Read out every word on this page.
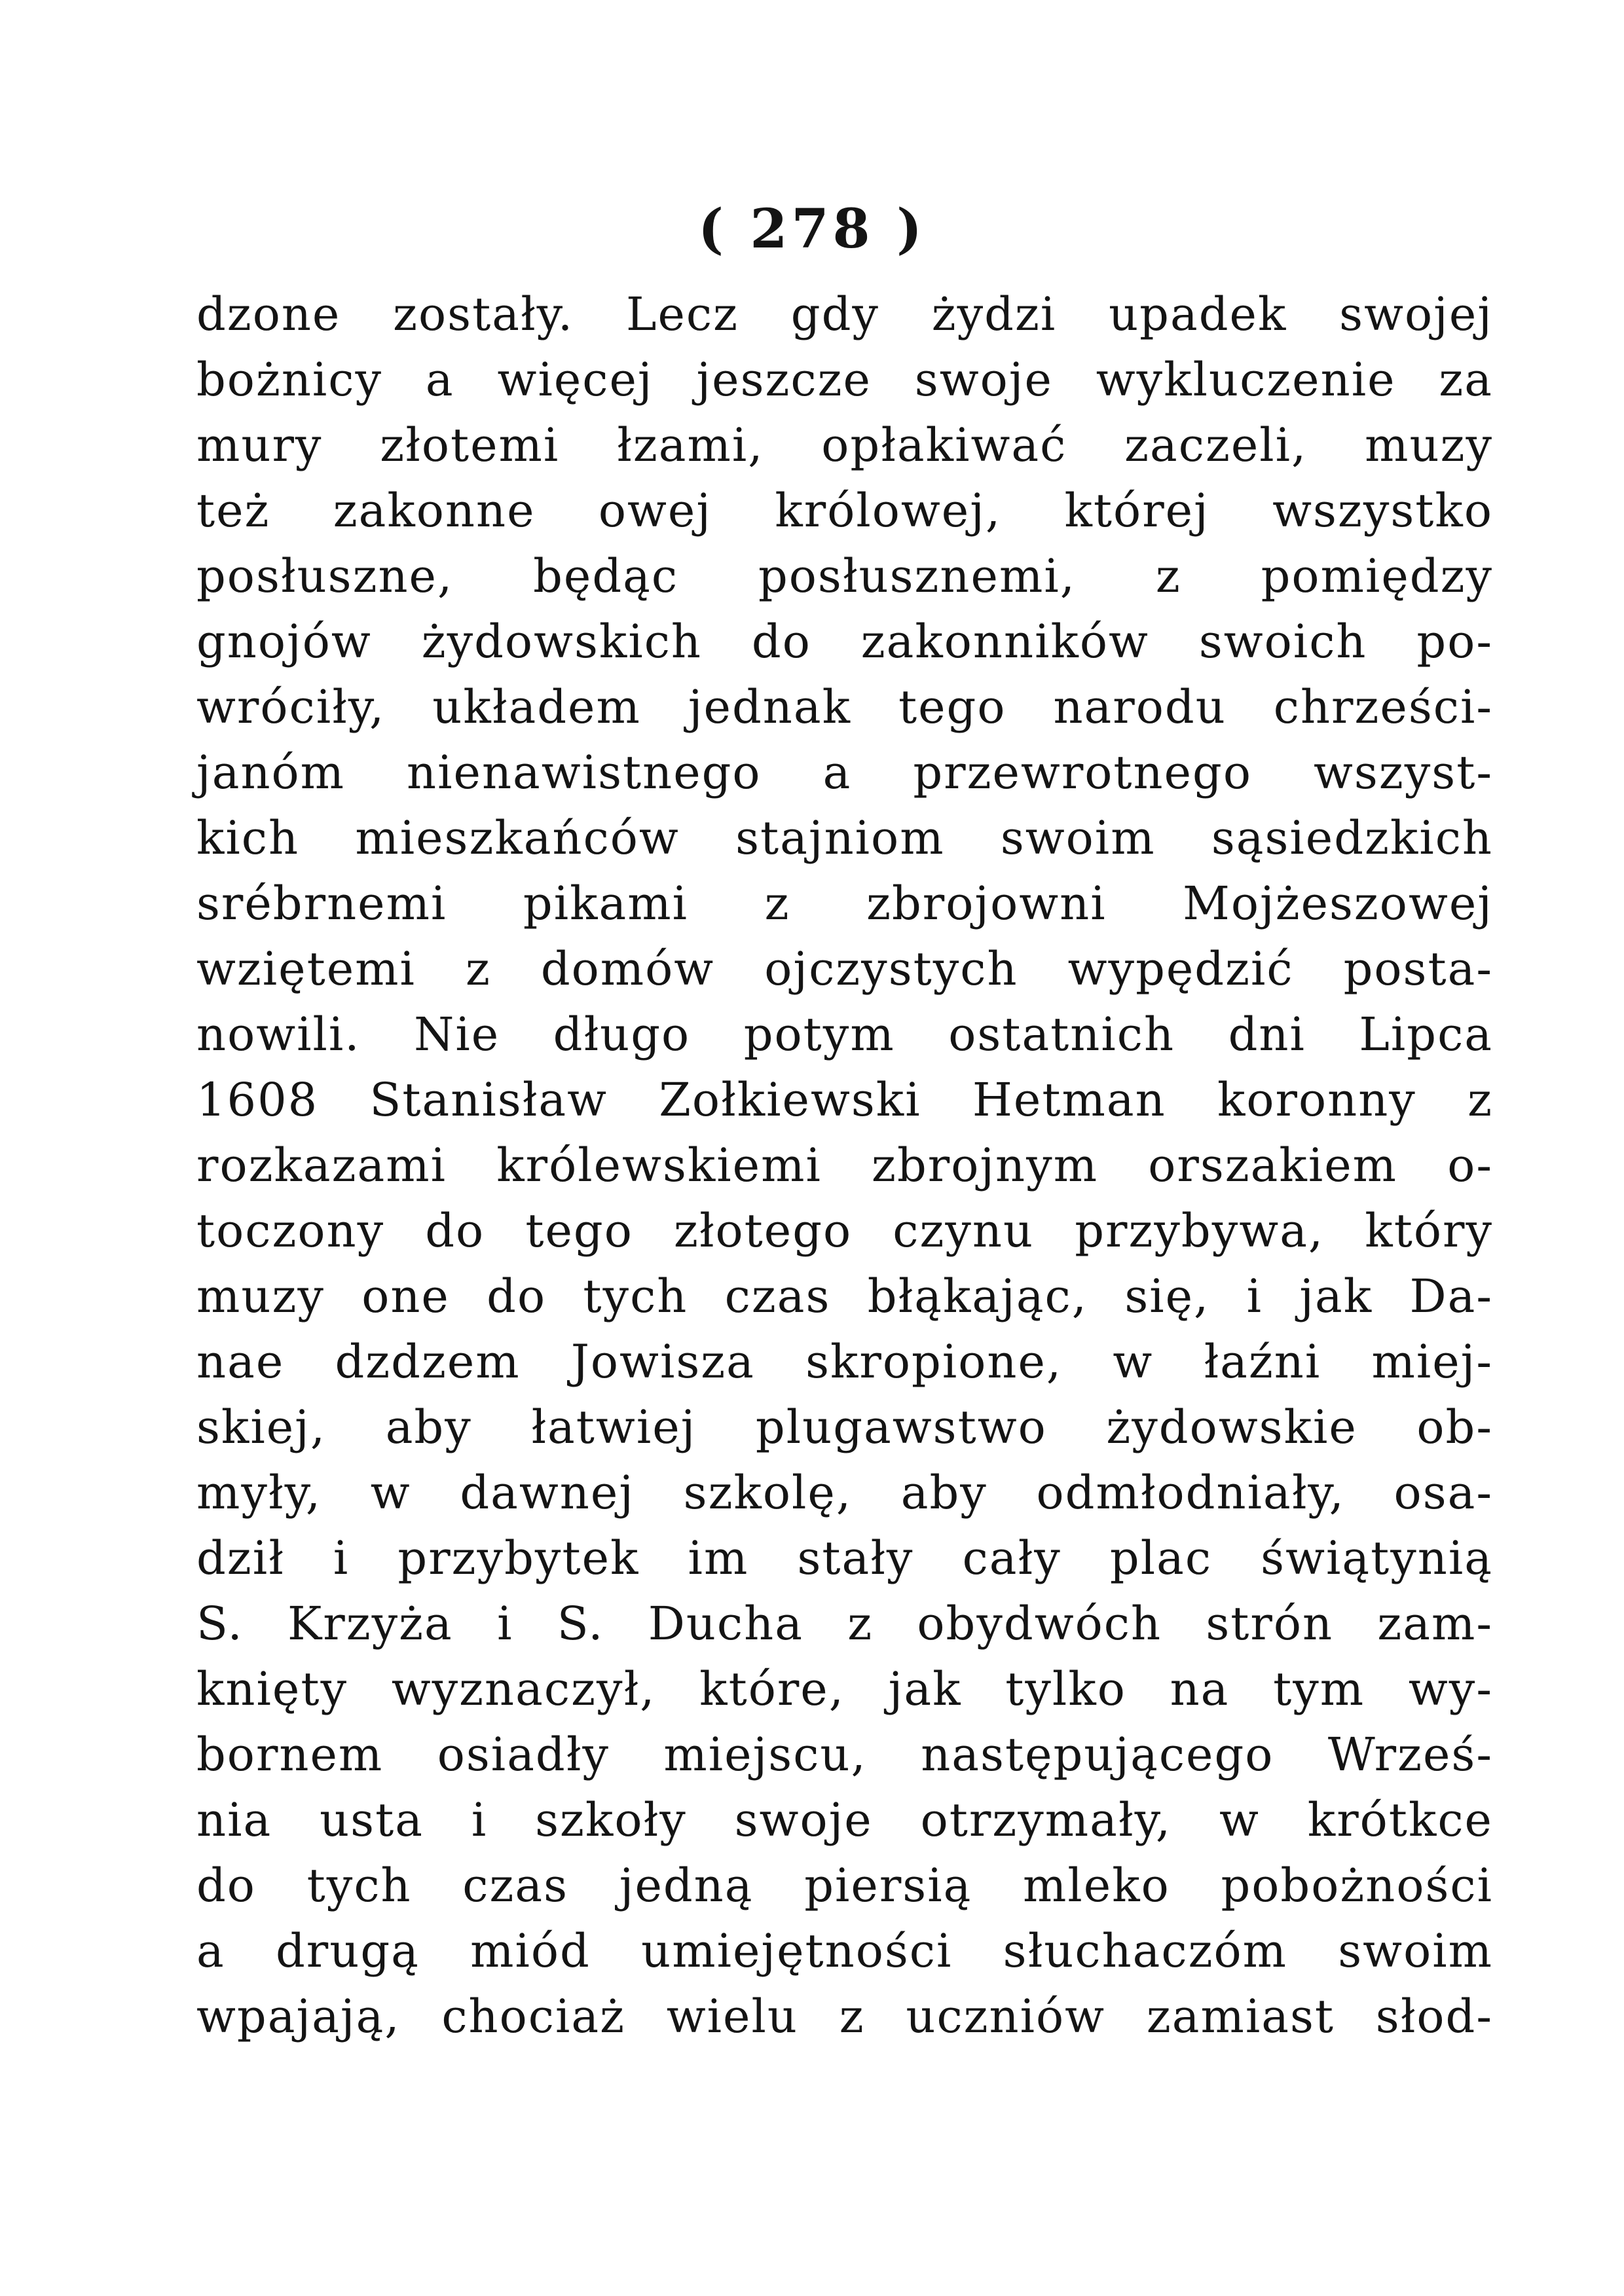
( 278 )
dzone zostały. Lecz gdy żydzi upadek swojej
bożnicy a więcej jeszcze swoje wykluczenie za
mury złotemi łzami, opłakiwać zaczeli, muzy
też zakonne owej królowej, której wszystko
posłuszne, będąc posłusznemi, z pomiędzy
gnojów żydowskich do zakonników swoich po-
wróciły, układem jednak tego narodu chrześci-
janóm nienawistnego a przewrotnego wszyst-
kich mieszkańców stajniom swoim sąsiedzkich
srébrnemi pikami z zbrojowni Mojżeszowej
wziętemi z domów ojczystych wypędzić posta-
nowili. Nie długo potym ostatnich dni Lipca
1608 Stanisław Zołkiewski Hetman koronny z
rozkazami królewskiemi zbrojnym orszakiem o-
toczony do tego złotego czynu przybywa, który
muzy one do tych czas błąkając, się, i jak Da-
nae dzdzem Jowisza skropione, w łaźni miej-
skiej, aby łatwiej plugawstwo żydowskie ob-
myły, w dawnej szkolę, aby odmłodniały, osa-
dził i przybytek im stały cały plac świątynią
S. Krzyża i S. Ducha z obydwóch strón zam-
knięty wyznaczył, które, jak tylko na tym wy-
bornem osiadły miejscu, następującego Wrześ-
nia usta i szkoły swoje otrzymały, w krótkce
do tych czas jedną piersią mleko pobożności
a drugą miód umiejętności słuchaczóm swoim
wpajają, chociaż wielu z uczniów zamiast słod-
